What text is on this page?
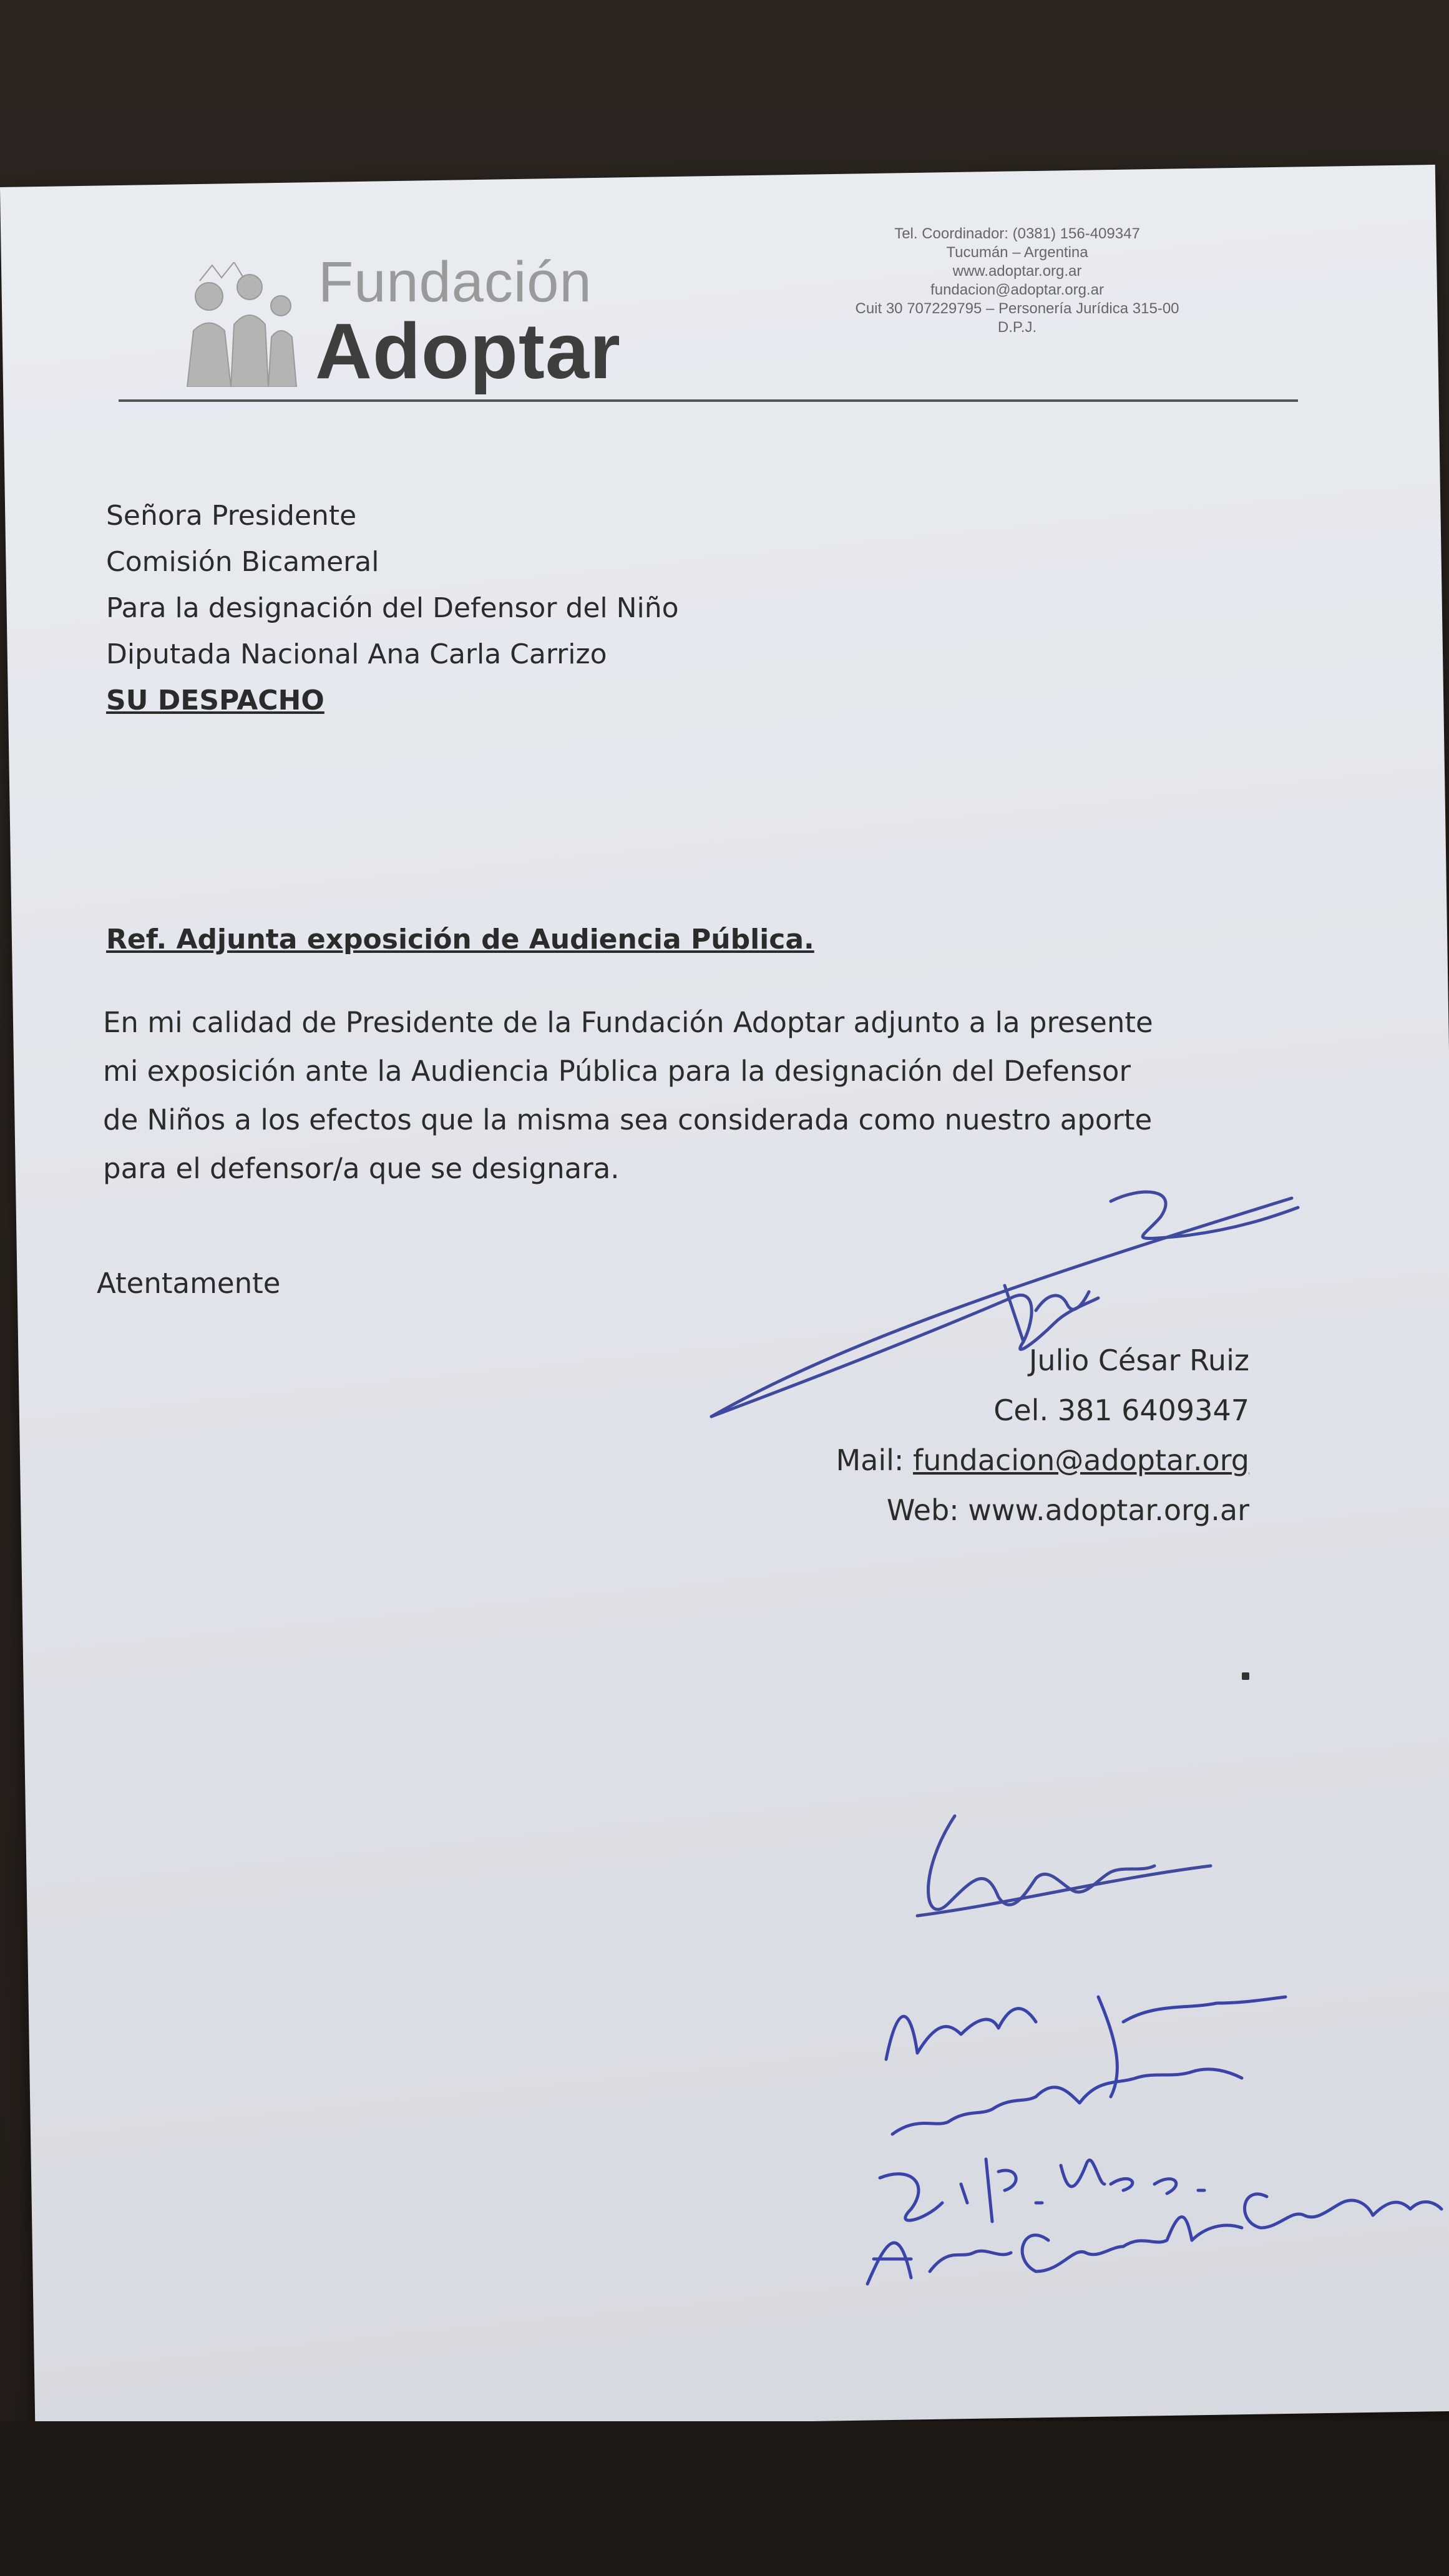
Fundación
Adoptar
Tel. Coordinador: (0381) 156-409347
Tucumán – Argentina
www.adoptar.org.ar
fundacion@adoptar.org.ar
Cuit 30 707229795 – Personería Jurídica 315-00
D.P.J.
Señora Presidente
Comisión Bicameral
Para la designación del Defensor del Niño
Diputada Nacional Ana Carla Carrizo
SU DESPACHO
Ref. Adjunta exposición de Audiencia Pública.
En mi calidad de Presidente de la Fundación Adoptar adjunto a la presente
mi exposición ante la Audiencia Pública para la designación del Defensor
de Niños a los efectos que la misma sea considerada como nuestro aporte
para el defensor/a que se designara.
Atentamente
Julio César Ruiz
Cel. 381 6409347
Mail: fundacion@adoptar.org
Web: www.adoptar.org.ar
